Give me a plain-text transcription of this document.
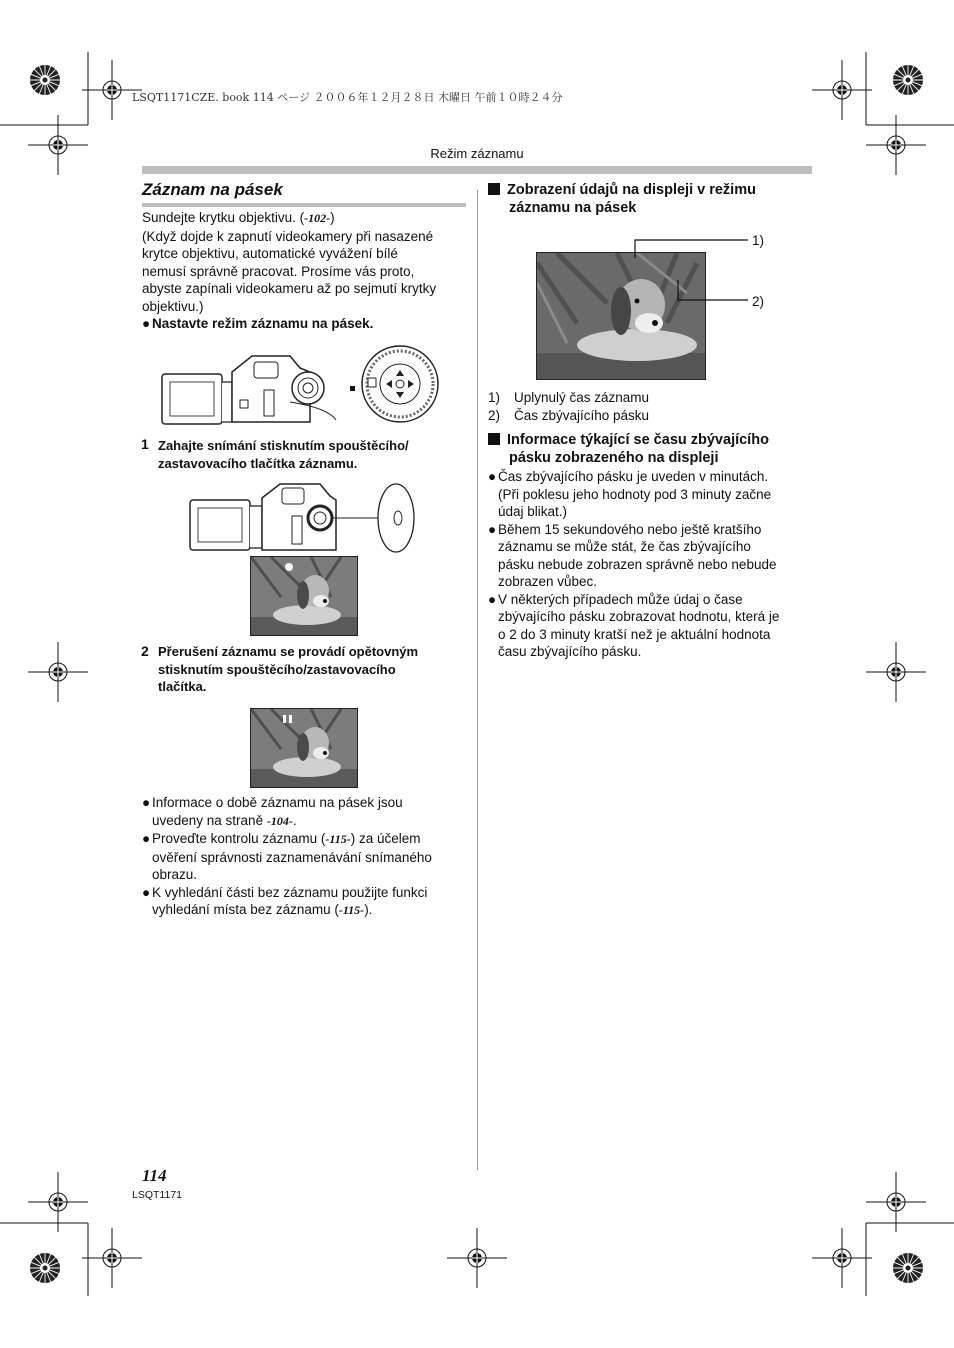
LSQT1171CZE. book 114 ページ ２００６年１２月２８日 木曜日 午前１０時２４分
Režim záznamu
Záznam na pásek
Sundejte krytku objektivu. (-102-)
(Když dojde k zapnutí videokamery při nasazené
krytce objektivu, automatické vyvážení bílé
nemusí správně pracovat. Prosíme vás proto,
abyste zapínali videokameru až po sejmutí krytky
objektivu.)
● Nastavte režim záznamu na pásek.
1 Zahajte snímání stisknutím spouštěcího/
zastavovacího tlačítka záznamu.
2 Přerušení záznamu se provádí opětovným
stisknutím spouštěcího/zastavovacího
tlačítka.
● Informace o době záznamu na pásek jsou
uvedeny na straně -104-.
● Proveďte kontrolu záznamu (-115-) za účelem
ověření správnosti zaznamenávání snímaného
obrazu.
● K vyhledání části bez záznamu použijte funkci
vyhledání místa bez záznamu (-115-).
Zobrazení údajů na displeji v režimu
záznamu na pásek
1)
2)
1) Uplynulý čas záznamu
2) Čas zbývajícího pásku
Informace týkající se času zbývajícího
pásku zobrazeného na displeji
● Čas zbývajícího pásku je uveden v minutách.
(Při poklesu jeho hodnoty pod 3 minuty začne
údaj blikat.)
● Během 15 sekundového nebo ještě kratšího
záznamu se může stát, že čas zbývajícího
pásku nebude zobrazen správně nebo nebude
zobrazen vůbec.
● V některých případech může údaj o čase
zbývajícího pásku zobrazovat hodnotu, která je
o 2 do 3 minuty kratší než je aktuální hodnota
času zbývajícího pásku.
114
LSQT1171
